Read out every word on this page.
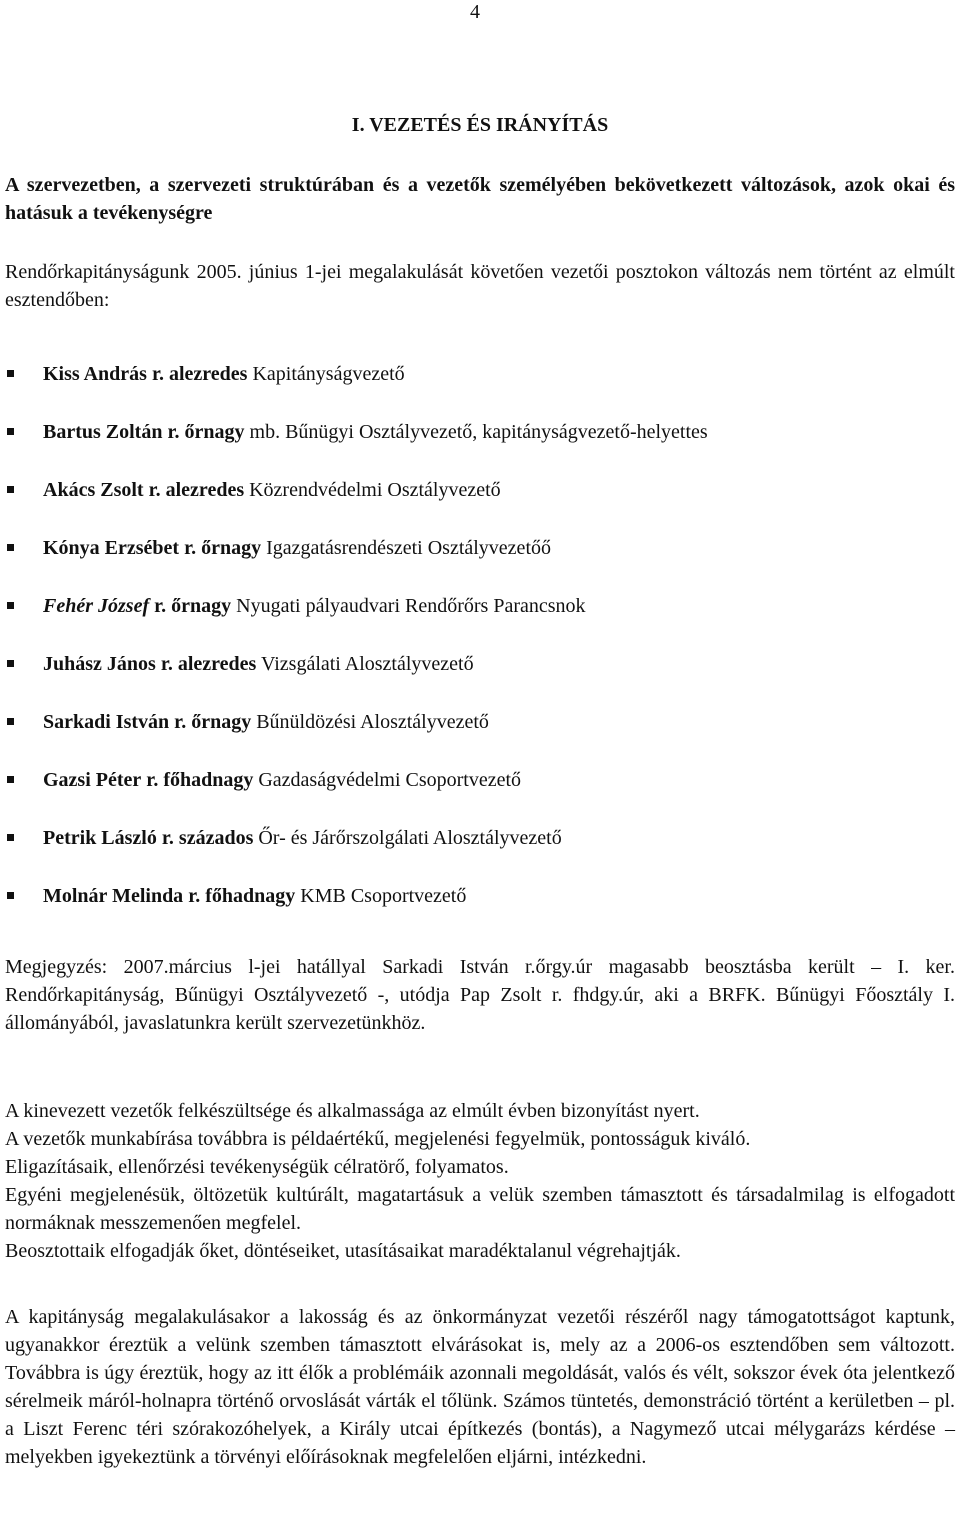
4
I. VEZETÉS ÉS IRÁNYÍTÁS
A szervezetben, a szervezeti struktúrában és a vezetők személyében bekövetkezett változások, azok okai és hatásuk a tevékenységre

Rendőrkapitányságunk 2005. június 1-jei megalakulását követően vezetői posztokon változás nem történt az elmúlt esztendőben:

Kiss András r. alezredes Kapitányságvezető
Bartus Zoltán r. őrnagy mb. Bűnügyi Osztályvezető, kapitányságvezető-helyettes
Akács Zsolt r. alezredes Közrendvédelmi Osztályvezető
Kónya Erzsébet r. őrnagy Igazgatásrendészeti Osztályvezetőő
Fehér József r. őrnagy Nyugati pályaudvari Rendőrőrs Parancsnok
Juhász János r. alezredes Vizsgálati Alosztályvezető
Sarkadi István r. őrnagy Bűnüldözési Alosztályvezető
Gazsi Péter r. főhadnagy Gazdaságvédelmi Csoportvezető
Petrik László r. százados Őr- és Járőrszolgálati Alosztályvezető
Molnár Melinda r. főhadnagy KMB Csoportvezető

Megjegyzés: 2007.március l-jei hatállyal Sarkadi István r.őrgy.úr magasabb beosztásba került – I. ker. Rendőrkapitányság, Bűnügyi Osztályvezető -, utódja Pap Zsolt r. fhdgy.úr, aki a BRFK. Bűnügyi Főosztály I. állományából, javaslatunkra került szervezetünkhöz.

A kinevezett vezetők felkészültsége és alkalmassága az elmúlt évben bizonyítást nyert.

A vezetők munkabírása továbbra is példaértékű, megjelenési fegyelmük, pontosságuk kiváló.

Eligazításaik, ellenőrzési tevékenységük célratörő, folyamatos.

Egyéni megjelenésük, öltözetük kultúrált, magatartásuk a velük szemben támasztott és társadalmilag is elfogadott normáknak messzemenően megfelel.

Beosztottaik elfogadják őket, döntéseiket, utasításaikat maradéktalanul végrehajtják.

A kapitányság megalakulásakor a lakosság és az önkormányzat vezetői részéről nagy támogatottságot kaptunk, ugyanakkor éreztük a velünk szemben támasztott elvárásokat is, mely az a 2006-os esztendőben sem változott. Továbbra is úgy éreztük, hogy az itt élők a problémáik azonnali megoldását, valós és vélt, sokszor évek óta jelentkező sérelmeik máról-holnapra történő orvoslását várták el tőlünk. Számos tüntetés, demonstráció történt a kerületben – pl. a Liszt Ferenc téri szórakozóhelyek, a Király utcai építkezés (bontás), a Nagymező utcai mélygarázs kérdése – melyekben igyekeztünk a törvényi előírásoknak megfelelően eljárni, intézkedni.
